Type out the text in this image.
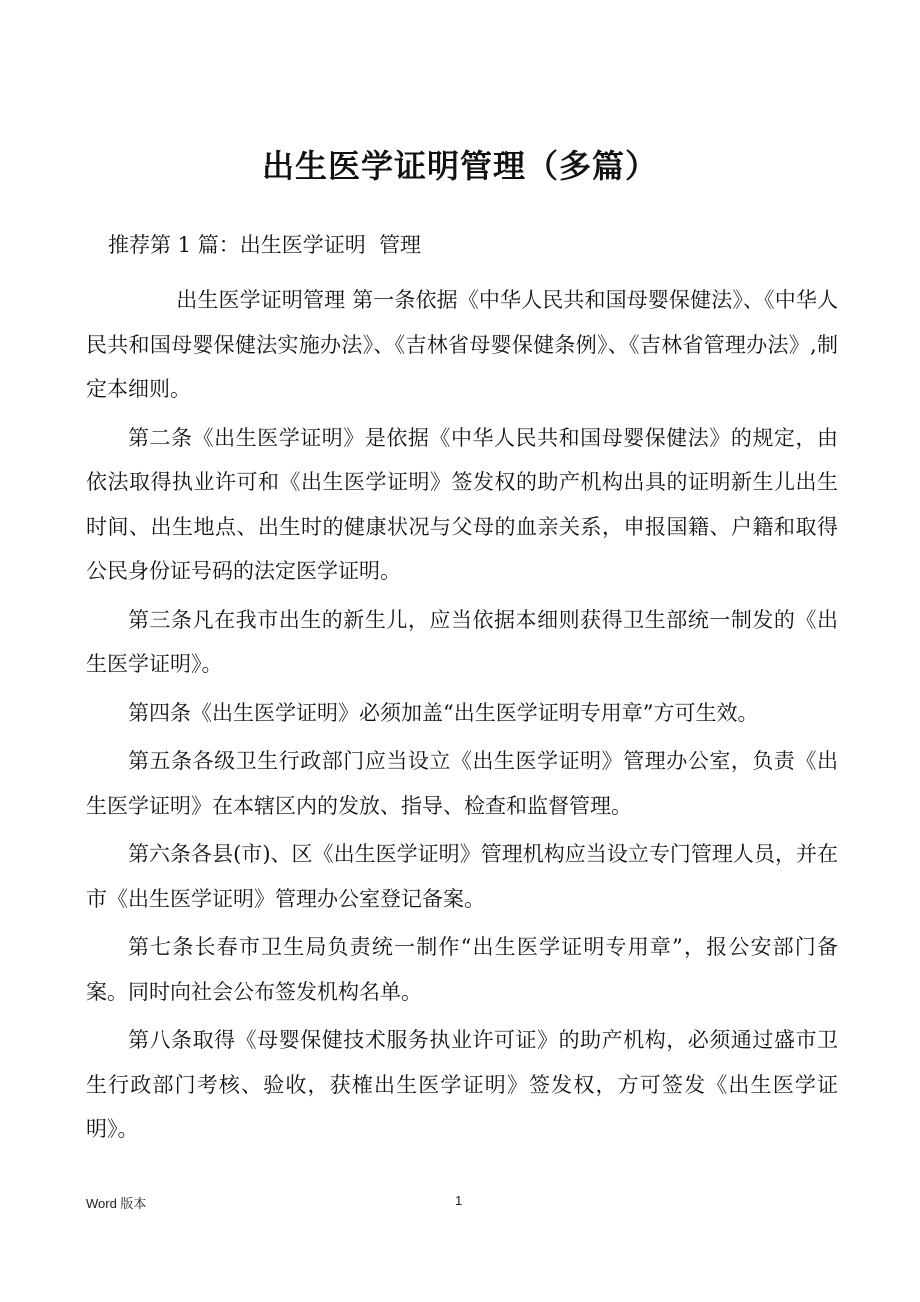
出生医学证明管理（多篇）
推荐第 1 篇：出生医学证明  管理

出生医学证明管理 第一条依据《中华人民共和国母婴保健法》、《中华人民共和国母婴保健法实施办法》、《吉林省母婴保健条例》、《吉林省管理办法》,制定本细则。

第二条《出生医学证明》是依据《中华人民共和国母婴保健法》的规定，由依法取得执业许可和《出生医学证明》签发权的助产机构出具的证明新生儿出生时间、出生地点、出生时的健康状况与父母的血亲关系，申报国籍、户籍和取得公民身份证号码的法定医学证明。

第三条凡在我市出生的新生儿，应当依据本细则获得卫生部统一制发的《出生医学证明》。

第四条《出生医学证明》必须加盖“出生医学证明专用章”方可生效。

第五条各级卫生行政部门应当设立《出生医学证明》管理办公室，负责《出生医学证明》在本辖区内的发放、指导、检查和监督管理。

第六条各县(市)、区《出生医学证明》管理机构应当设立专门管理人员，并在市《出生医学证明》管理办公室登记备案。

第七条长春市卫生局负责统一制作“出生医学证明专用章”，报公安部门备案。同时向社会公布签发机构名单。

第八条取得《母婴保健技术服务执业许可证》的助产机构，必须通过盛市卫生行政部门考核、验收，获榷出生医学证明》签发权，方可签发《出生医学证明》。

Word 版本	1
